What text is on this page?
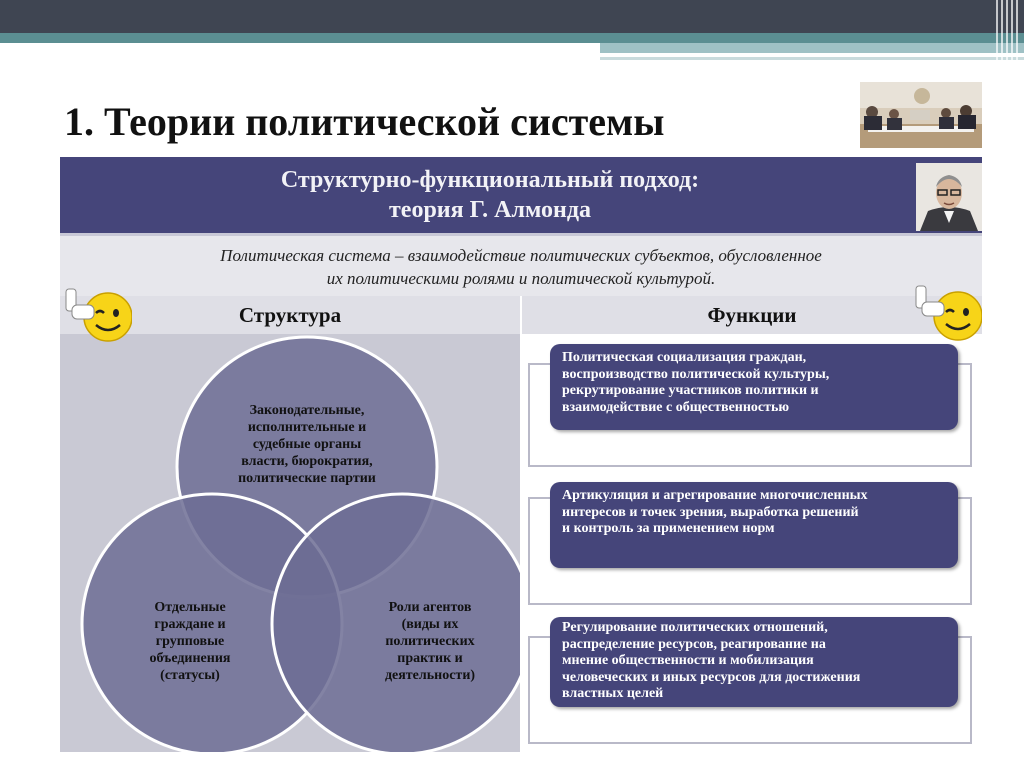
1. Теории политической системы
Структурно-функциональный подход:
теория Г. Алмонда
Политическая система – взаимодействие политических субъектов, обусловленное
их политическими ролями и политической культурой.
Структура	Функции
Законодательные,
исполнительные и
судебные органы
власти, бюрократия,
политические партии
Отдельные
граждане и
групповые
объединения
(статусы)
Роли агентов
(виды их
политических
практик и
деятельности)
Политическая социализация граждан,
воспроизводство политической культуры,
рекрутирование участников политики и
взаимодействие с общественностью
Артикуляция и агрегирование многочисленных
интересов и точек зрения, выработка решений
и контроль за применением норм
Регулирование политических отношений,
распределение ресурсов, реагирование на
мнение общественности и мобилизация
человеческих и иных ресурсов для достижения
властных целей
